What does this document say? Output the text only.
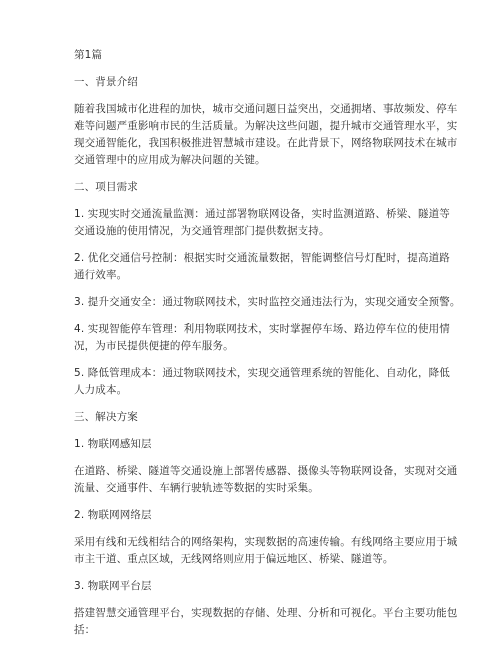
第1篇

一、背景介绍

随着我国城市化进程的加快，城市交通问题日益突出，交通拥堵、事故频发、停车

难等问题严重影响市民的生活质量。为解决这些问题，提升城市交通管理水平，实

现交通智能化，我国积极推进智慧城市建设。在此背景下，网络物联网技术在城市

交通管理中的应用成为解决问题的关键。

二、项目需求

1. 实现实时交通流量监测：通过部署物联网设备，实时监测道路、桥梁、隧道等

交通设施的使用情况，为交通管理部门提供数据支持。

2. 优化交通信号控制：根据实时交通流量数据，智能调整信号灯配时，提高道路

通行效率。

3. 提升交通安全：通过物联网技术，实时监控交通违法行为，实现交通安全预警。

4. 实现智能停车管理：利用物联网技术，实时掌握停车场、路边停车位的使用情

况，为市民提供便捷的停车服务。

5. 降低管理成本：通过物联网技术，实现交通管理系统的智能化、自动化，降低

人力成本。

三、解决方案

1. 物联网感知层

在道路、桥梁、隧道等交通设施上部署传感器、摄像头等物联网设备，实现对交通

流量、交通事件、车辆行驶轨迹等数据的实时采集。

2. 物联网网络层

采用有线和无线相结合的网络架构，实现数据的高速传输。有线网络主要应用于城

市主干道、重点区域，无线网络则应用于偏远地区、桥梁、隧道等。

3. 物联网平台层

搭建智慧交通管理平台，实现数据的存储、处理、分析和可视化。平台主要功能包

括：
